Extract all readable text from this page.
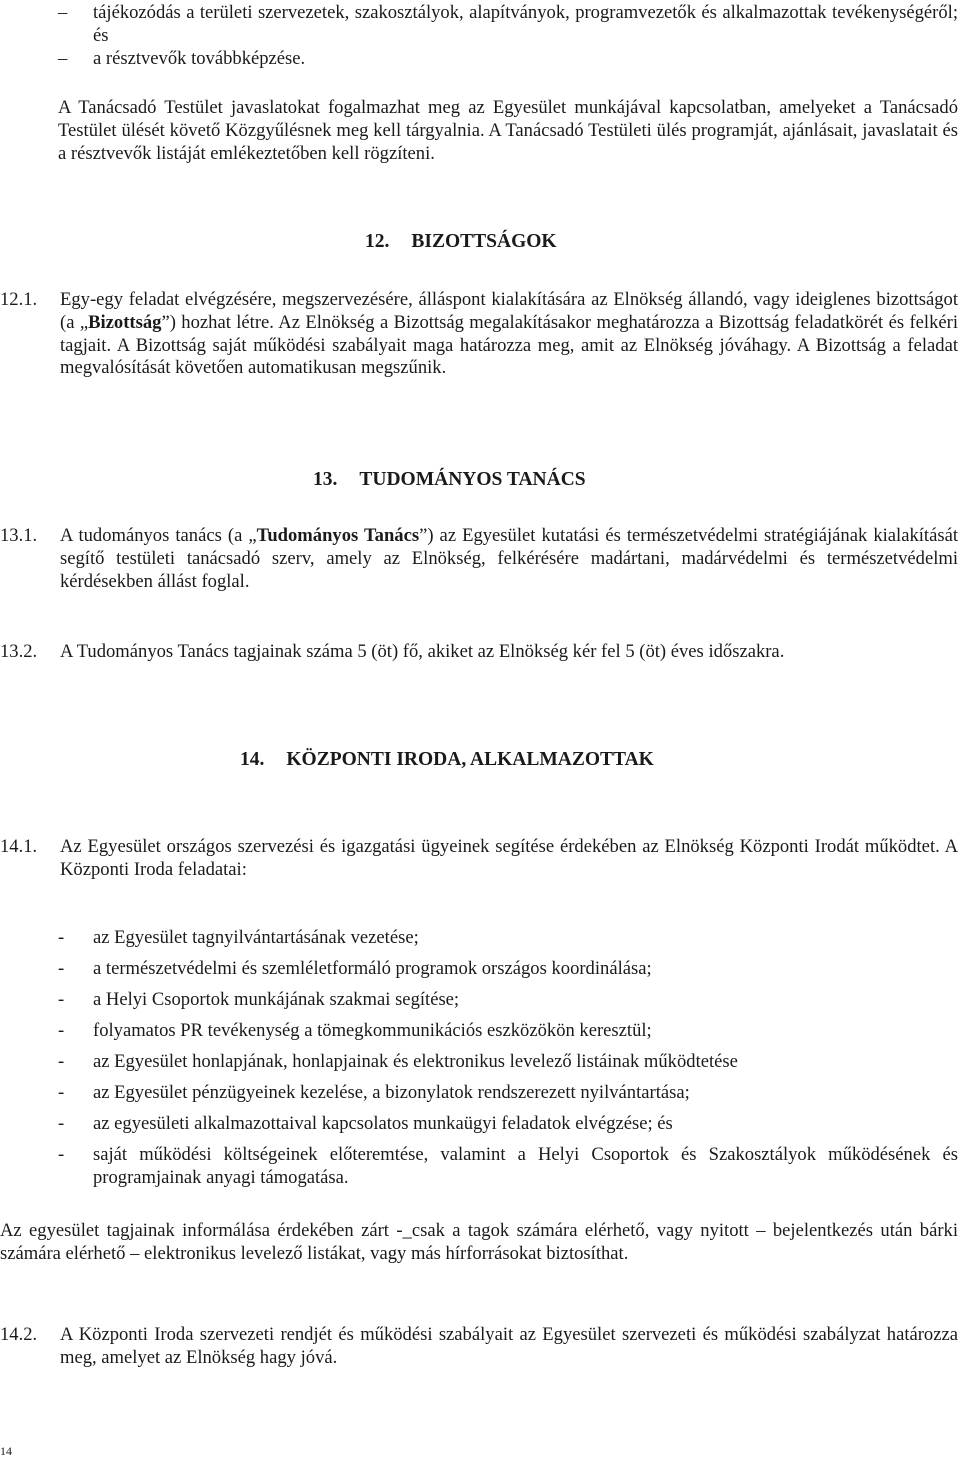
– tájékozódás a területi szervezetek, szakosztályok, alapítványok, programvezetők és alkalmazottak tevékenységéről; és
– a résztvevők továbbképzése.
A Tanácsadó Testület javaslatokat fogalmazhat meg az Egyesület munkájával kapcsolatban, amelyeket a Tanácsadó Testület ülését követő Közgyűlésnek meg kell tárgyalnia. A Tanácsadó Testületi ülés programját, ajánlásait, javaslatait és a résztvevők listáját emlékeztetőben kell rögzíteni.
12. BIZOTTSÁGOK
12.1. Egy-egy feladat elvégzésére, megszervezésére, álláspont kialakítására az Elnökség állandó, vagy ideiglenes bizottságot (a „Bizottság”) hozhat létre. Az Elnökség a Bizottság megalakításakor meghatározza a Bizottság feladatkörét és felkéri tagjait. A Bizottság saját működési szabályait maga határozza meg, amit az Elnökség jóváhagy. A Bizottság a feladat megvalósítását követően automatikusan megszűnik.
13. TUDOMÁNYOS TANÁCS
13.1. A tudományos tanács (a „Tudományos Tanács”) az Egyesület kutatási és természetvédelmi stratégiájának kialakítását segítő testületi tanácsadó szerv, amely az Elnökség, felkérésére madártani, madárvédelmi és természetvédelmi kérdésekben állást foglal.
13.2. A Tudományos Tanács tagjainak száma 5 (öt) fő, akiket az Elnökség kér fel 5 (öt) éves időszakra.
14. KÖZPONTI IRODA, ALKALMAZOTTAK
14.1. Az Egyesület országos szervezési és igazgatási ügyeinek segítése érdekében az Elnökség Központi Irodát működtet. A Központi Iroda feladatai:
- az Egyesület tagnyilvántartásának vezetése;
- a természetvédelmi és szemléletformáló programok országos koordinálása;
- a Helyi Csoportok munkájának szakmai segítése;
- folyamatos PR tevékenység a tömegkommunikációs eszközökön keresztül;
- az Egyesület honlapjának, honlapjainak és elektronikus levelező listáinak működtetése
- az Egyesület pénzügyeinek kezelése, a bizonylatok rendszerezett nyilvántartása;
- az egyesületi alkalmazottaival kapcsolatos munkaügyi feladatok elvégzése; és
- saját működési költségeinek előteremtése, valamint a Helyi Csoportok és Szakosztályok működésének és programjainak anyagi támogatása.
Az egyesület tagjainak informálása érdekében zárt -_csak a tagok számára elérhető, vagy nyitott – bejelentkezés után bárki számára elérhető – elektronikus levelező listákat, vagy más hírforrásokat biztosíthat.
14.2. A Központi Iroda szervezeti rendjét és működési szabályait az Egyesület szervezeti és működési szabályzat határozza meg, amelyet az Elnökség hagy jóvá.
14
